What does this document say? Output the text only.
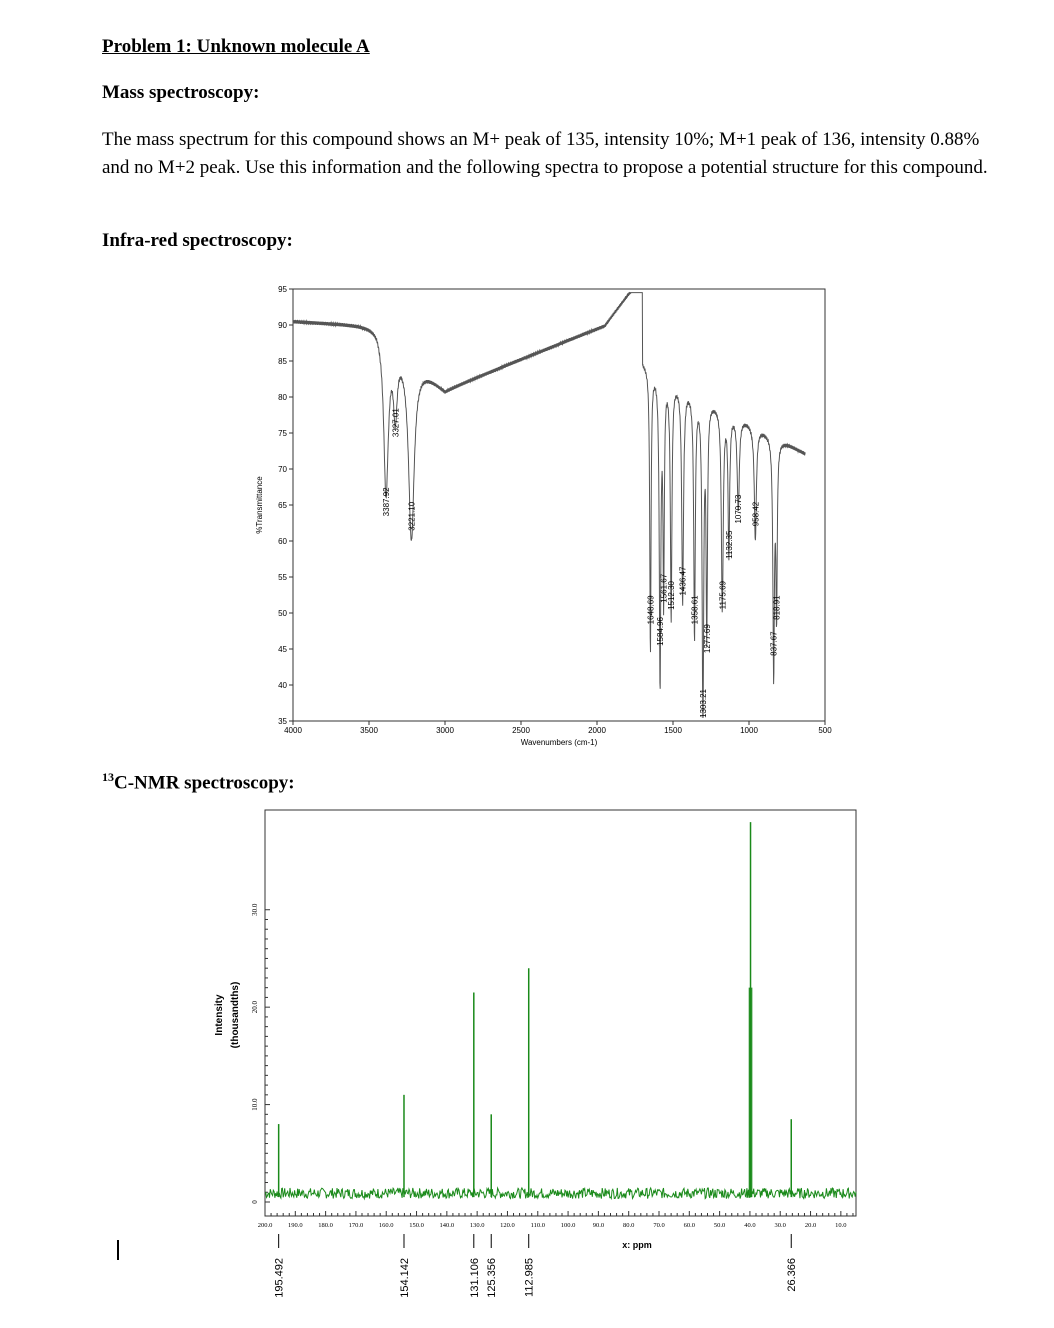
Problem 1: Unknown molecule A
Mass spectroscopy:
The mass spectrum for this compound shows an M+ peak of 135, intensity 10%; M+1 peak of 136, intensity 0.88% and no M+2 peak. Use this information and the following spectra to propose a potential structure for this compound.
Infra-red spectroscopy:
$^{13}$C-NMR spectroscopy:
95
90
85
80
75
70
65
60
55
50
45
40
35
4000	3500	3000	2500	2000	1500	1000	500
Wavenumbers (cm-1)
%Transmittance	3387.92
3327.01
3221.10
1648.69
1584.96
1561.67
1512.30 1436.47
1358.61
1303.21
1277.69
1175.69
1132.35
1070.73 958.42
837.67
818.91
0
10.0
20.0
30.0
Intensity (thousandths)
200.0 190.0 180.0 170.0 160.0 150.0 140.0 130.0 120.0 110.0 100.0	90.0	80.0	70.0	60.0	50.0	40.0	30.0	20.0	10.0
x: ppm
195.492	154.142	131.106 125.356 112.985	26.366
